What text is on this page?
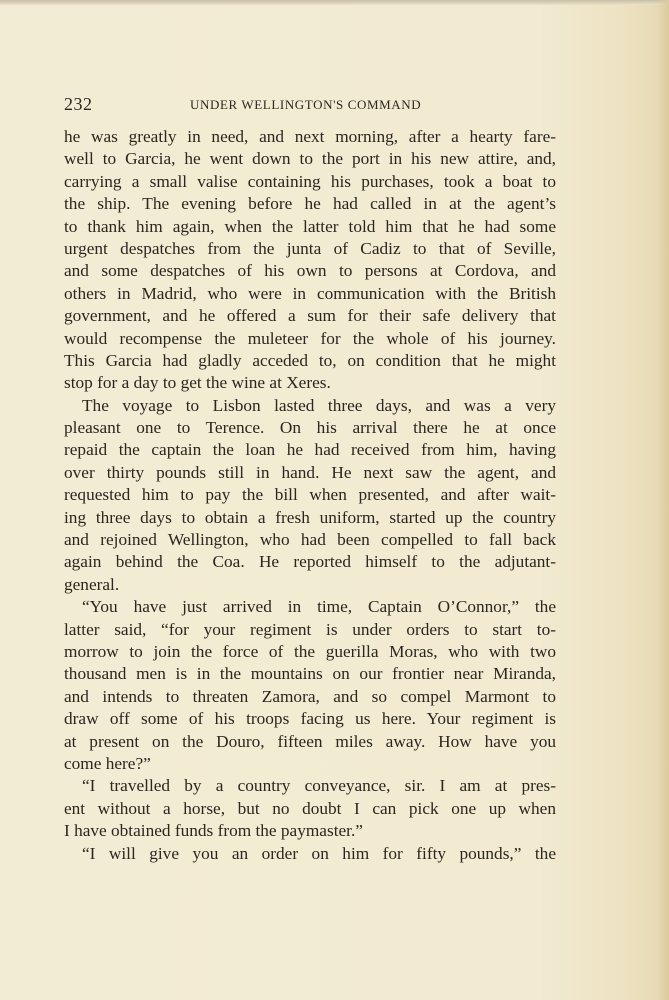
232	UNDER WELLINGTON'S COMMAND
he was greatly in need, and next morning, after a hearty fare-
well to Garcia, he went down to the port in his new attire, and,
carrying a small valise containing his purchases, took a boat to
the ship. The evening before he had called in at the agent’s
to thank him again, when the latter told him that he had some
urgent despatches from the junta of Cadiz to that of Seville,
and some despatches of his own to persons at Cordova, and
others in Madrid, who were in communication with the British
government, and he offered a sum for their safe delivery that
would recompense the muleteer for the whole of his journey.
This Garcia had gladly acceded to, on condition that he might
stop for a day to get the wine at Xeres.
The voyage to Lisbon lasted three days, and was a very
pleasant one to Terence. On his arrival there he at once
repaid the captain the loan he had received from him, having
over thirty pounds still in hand. He next saw the agent, and
requested him to pay the bill when presented, and after wait-
ing three days to obtain a fresh uniform, started up the country
and rejoined Wellington, who had been compelled to fall back
again behind the Coa. He reported himself to the adjutant-
general.
“You have just arrived in time, Captain O’Connor,” the
latter said, “for your regiment is under orders to start to-
morrow to join the force of the guerilla Moras, who with two
thousand men is in the mountains on our frontier near Miranda,
and intends to threaten Zamora, and so compel Marmont to
draw off some of his troops facing us here. Your regiment is
at present on the Douro, fifteen miles away. How have you
come here?”
“I travelled by a country conveyance, sir. I am at pres-
ent without a horse, but no doubt I can pick one up when
I have obtained funds from the paymaster.”
“I will give you an order on him for fifty pounds,” the
